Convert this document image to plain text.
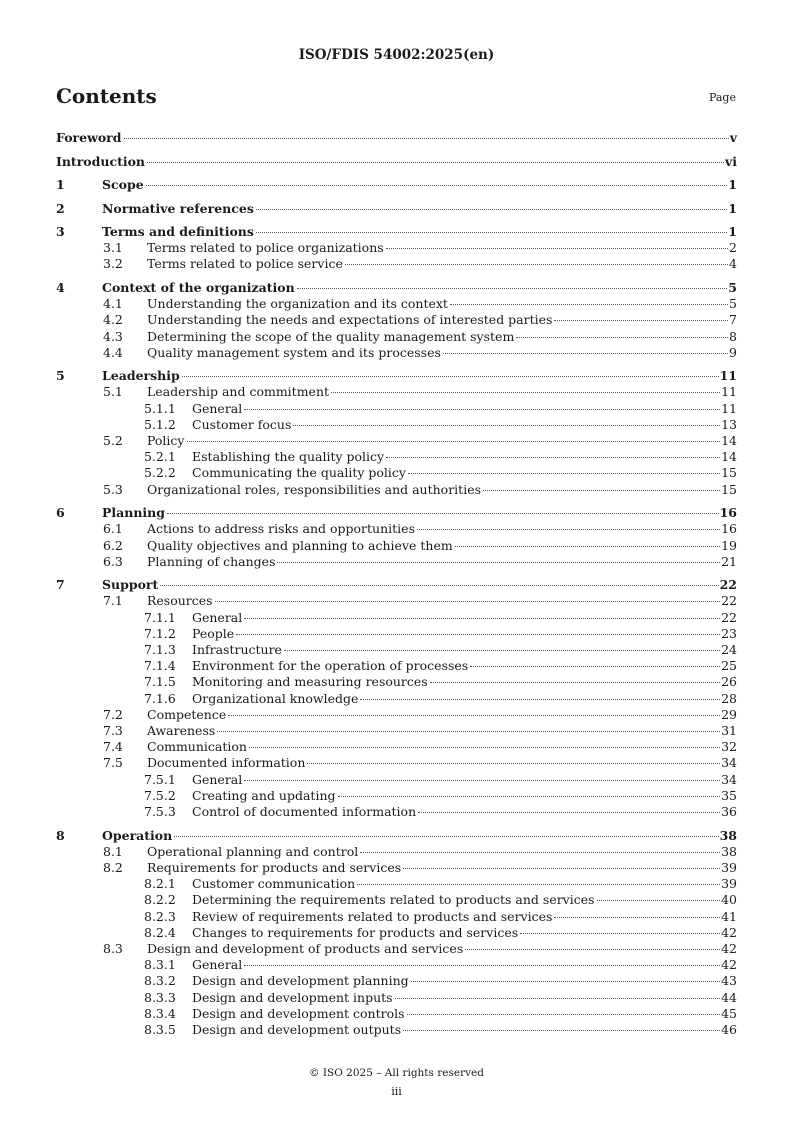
ISO/FDIS 54002:2025(en)
Contents	Page
Foreword	v
Introduction	vi
1	Scope	1
2	Normative references	1
3	Terms and definitions	1
3.1 Terms related to police organizations	2
3.2 Terms related to police service	4
4	Context of the organization	5
4.1 Understanding the organization and its context	5
4.2 Understanding the needs and expectations of interested parties	7
4.3 Determining the scope of the quality management system	8
4.4 Quality management system and its processes	9
5	Leadership	11
5.1 Leadership and commitment	11
5.1.1 General	11
5.1.2 Customer focus	13
5.2 Policy	14
5.2.1 Establishing the quality policy	14
5.2.2 Communicating the quality policy	15
5.3 Organizational roles, responsibilities and authorities	15
6	Planning	16
6.1 Actions to address risks and opportunities	16
6.2 Quality objectives and planning to achieve them	19
6.3 Planning of changes	21
7	Support	22
7.1 Resources	22
7.1.1 General	22
7.1.2 People	23
7.1.3 Infrastructure	24
7.1.4 Environment for the operation of processes	25
7.1.5 Monitoring and measuring resources	26
7.1.6 Organizational knowledge	28
7.2 Competence	29
7.3 Awareness	31
7.4 Communication	32
7.5 Documented information	34
7.5.1 General	34
7.5.2 Creating and updating	35
7.5.3 Control of documented information	36
8	Operation	38
8.1 Operational planning and control	38
8.2 Requirements for products and services	39
8.2.1 Customer communication	39
8.2.2 Determining the requirements related to products and services	40
8.2.3 Review of requirements related to products and services	41
8.2.4 Changes to requirements for products and services	42
8.3 Design and development of products and services	42
8.3.1 General	42
8.3.2 Design and development planning	43
8.3.3 Design and development inputs	44
8.3.4 Design and development controls	45
8.3.5 Design and development outputs	46
© ISO 2025 – All rights reserved
iii
